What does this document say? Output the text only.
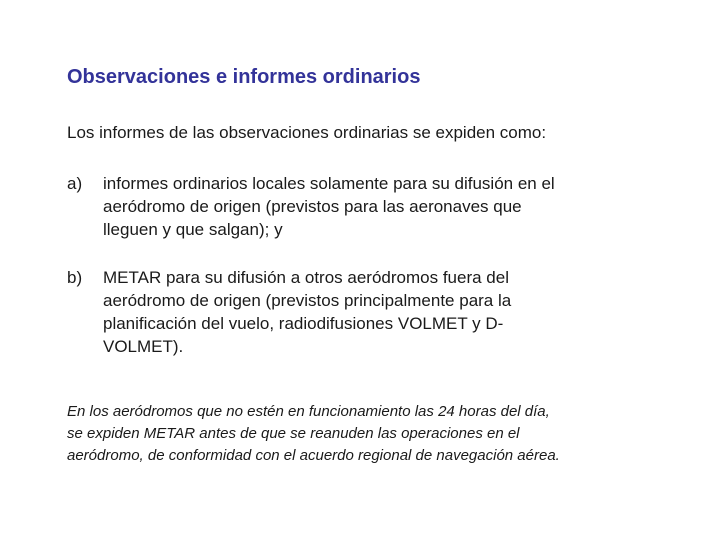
Observaciones e informes ordinarios
Los informes de las observaciones ordinarias se expiden como:
a)	informes ordinarios locales solamente para su difusión en el
aeródromo de origen (previstos para las aeronaves que
lleguen y que salgan); y
b)	METAR para su difusión a otros aeródromos fuera del
aeródromo de origen (previstos principalmente para la
planificación del vuelo, radiodifusiones VOLMET y D-
VOLMET).
En los aeródromos que no estén en funcionamiento las 24 horas del día,
se expiden METAR antes de que se reanuden las operaciones en el
aeródromo, de conformidad con el acuerdo regional de navegación aérea.
